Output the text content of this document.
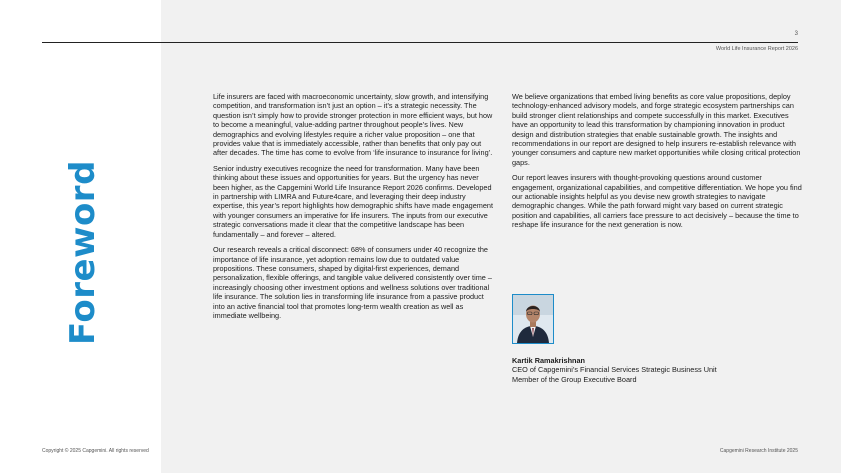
3
World Life Insurance Report 2026
Foreword

Life insurers are faced with macroeconomic uncertainty, slow growth, and intensifying competition, and transformation isn’t just an option – it’s a strategic necessity. The question isn’t simply how to provide stronger protection in more efficient ways, but how to become a meaningful, value-adding partner throughout people’s lives. New demographics and evolving lifestyles require a richer value proposition – one that provides value that is immediately accessible, rather than benefits that only pay out after decades. The time has come to evolve from ‘life insurance to insurance for living’.

Senior industry executives recognize the need for transformation. Many have been thinking about these issues and opportunities for years. But the urgency has never been higher, as the Capgemini World Life Insurance Report 2026 confirms. Developed in partnership with LIMRA and Future4care, and leveraging their deep industry expertise, this year’s report highlights how demographic shifts have made engagement with younger consumers an imperative for life insurers. The inputs from our executive strategic conversations made it clear that the competitive landscape has been fundamentally – and forever – altered.

Our research reveals a critical disconnect: 68% of consumers under 40 recognize the importance of life insurance, yet adoption remains low due to outdated value propositions. These consumers, shaped by digital-first experiences, demand personalization, flexible offerings, and tangible value delivered consistently over time – increasingly choosing other investment options and wellness solutions over traditional life insurance. The solution lies in transforming life insurance from a passive product into an active financial tool that promotes long-term wealth creation as well as immediate wellbeing.

We believe organizations that embed living benefits as core value propositions, deploy technology-enhanced advisory models, and forge strategic ecosystem partnerships can build stronger client relationships and compete successfully in this market. Executives have an opportunity to lead this transformation by championing innovation in product design and distribution strategies that enable sustainable growth. The insights and recommendations in our report are designed to help insurers re-establish relevance with younger consumers and capture new market opportunities while closing critical protection gaps.

Our report leaves insurers with thought-provoking questions around customer engagement, organizational capabilities, and competitive differentiation. We hope you find our actionable insights helpful as you devise new growth strategies to navigate demographic changes. While the path forward might vary based on current strategic position and capabilities, all carriers face pressure to act decisively – because the time to reshape life insurance for the next generation is now.

Kartik Ramakrishnan
CEO of Capgemini’s Financial Services Strategic Business Unit
Member of the Group Executive Board
Copyright © 2025 Capgemini. All rights reserved	Capgemini Research Institute 2025
